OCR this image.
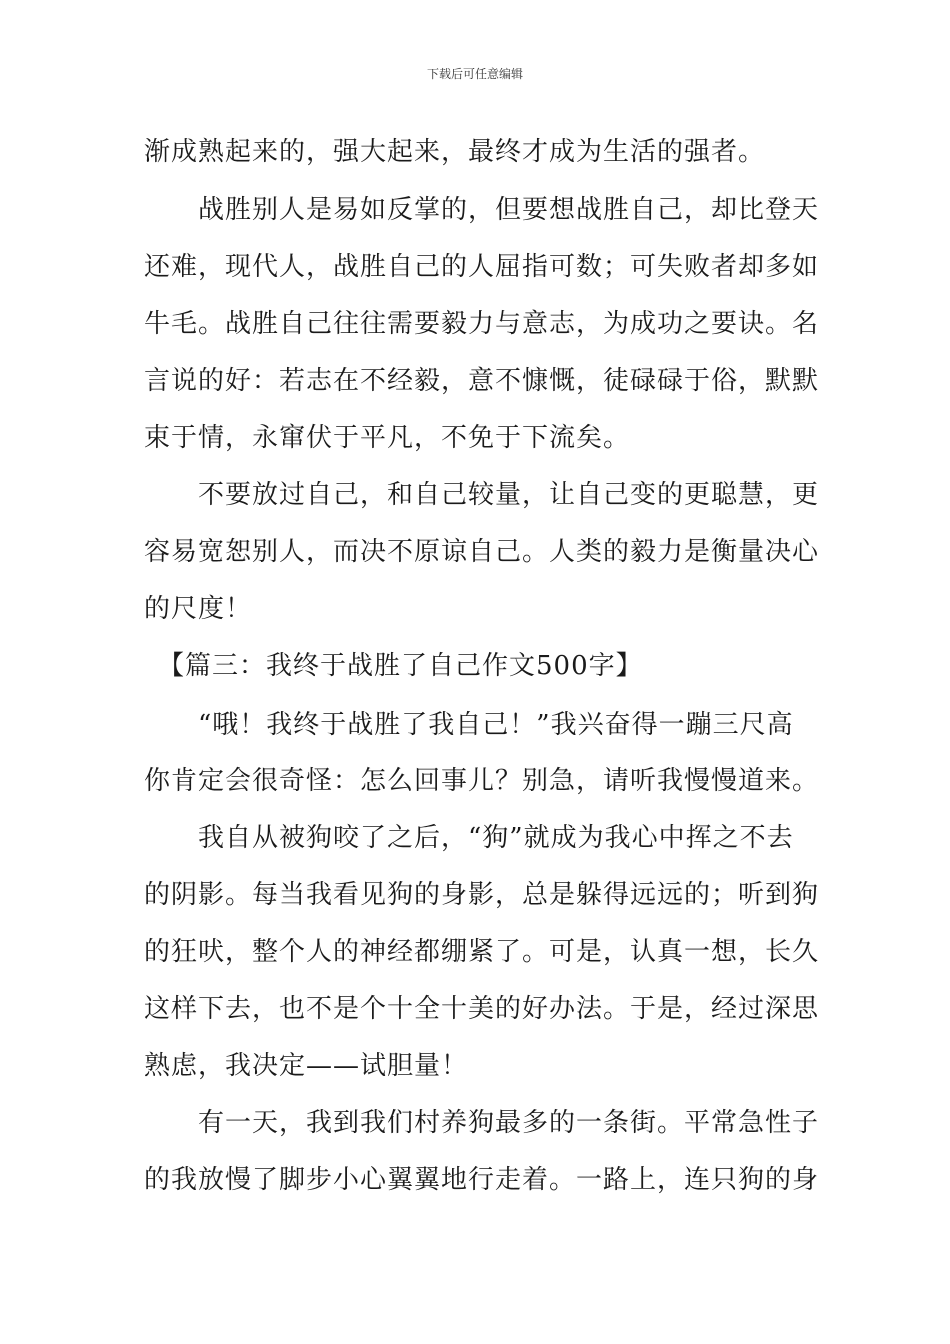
下载后可任意编辑
渐成熟起来的，强大起来，最终才成为生活的强者。
　　战胜别人是易如反掌的，但要想战胜自己，却比登天
还难，现代人，战胜自己的人屈指可数；可失败者却多如
牛毛。战胜自己往往需要毅力与意志，为成功之要诀。名
言说的好：若志在不经毅，意不慷慨，徒碌碌于俗，默默
束于情，永窜伏于平凡，不免于下流矣。
　　不要放过自己，和自己较量，让自己变的更聪慧，更
容易宽恕别人，而决不原谅自己。人类的毅力是衡量决心
的尺度！
　【篇三：我终于战胜了自己作文500字】
　　“哦！我终于战胜了我自己！”我兴奋得一蹦三尺高
你肯定会很奇怪：怎么回事儿？别急，请听我慢慢道来。
　　我自从被狗咬了之后，“狗”就成为我心中挥之不去
的阴影。每当我看见狗的身影，总是躲得远远的；听到狗
的狂吠，整个人的神经都绷紧了。可是，认真一想，长久
这样下去，也不是个十全十美的好办法。于是，经过深思
熟虑，我决定——试胆量！
　　有一天，我到我们村养狗最多的一条街。平常急性子
的我放慢了脚步小心翼翼地行走着。一路上，连只狗的身
